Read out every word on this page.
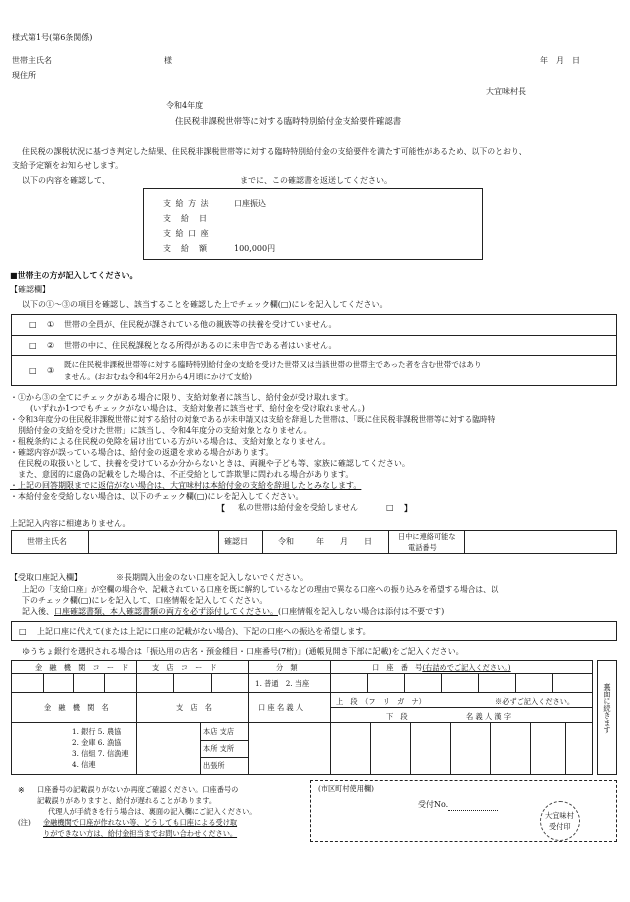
様式第1号(第6条関係)
世帯主氏名	様	年　月　日
現住所
大宜味村長
令和4年度
住民税非課税世帯等に対する臨時特別給付金支給要件確認書
住民税の課税状況に基づき判定した結果、住民税非課税世帯等に対する臨時特別給付金の支給要件を満たす可能性があるため、以下のとおり、
支給予定額をお知らせします。
以下の内容を確認して、	までに、この確認書を返送してください。
支 給 方 法	口座振込
支　給　日
支 給 口 座
支　給　額	100,000円
■世帯主の方が記入してください。
【確認欄】
以下の①～③の項目を確認し、該当することを確認した上でチェック欄(□)にレを記入してください。
□ ① 世帯の全員が、住民税が課されている他の親族等の扶養を受けていません。
□ ② 世帯の中に、住民税課税となる所得があるのに未申告である者はいません。
□ ③
既に住民税非課税世帯等に対する臨時特別給付金の支給を受けた世帯又は当該世帯の世帯主であった者を含む世帯ではあり
ません。(おおむね令和4年2月から4月頃にかけて支給)
・①から③の全てにチェックがある場合に限り、支給対象者に該当し、給付金が受け取れます。
(いずれか1つでもチェックがない場合は、支給対象者に該当せず、給付金を受け取れません。)
・令和3年度分の住民税非課税世帯に対する給付の対象であるが未申請又は支給を辞退した世帯は、「既に住民税非課税世帯等に対する臨時特
別給付金の支給を受けた世帯」に該当し、令和4年度分の支給対象となりません。
・租税条約による住民税の免除を届け出ている方がいる場合は、支給対象となりません。
・確認内容が誤っている場合は、給付金の返還を求める場合があります。
住民税の取扱いとして、扶養を受けているか分からないときは、両親や子ども等、家族に確認してください。
また、意図的に虚偽の記載をした場合は、不正受給として詐欺罪に問われる場合があります。
・上記の回答期限までに返信がない場合は、大宜味村は本給付金の支給を辞退したとみなします。
・本給付金を受給しない場合は、以下のチェック欄(□)にレを記入してください。
【 私の世帯は給付金を受給しません	□ 】
上記記入内容に相違ありません。
世帯主氏名	確認日	令和	年　　月　　日
日中に連絡可能な
電話番号
【受取口座記入欄】	※長期間入出金のない口座を記入しないでください。
上記の「支給口座」が空欄の場合や、記載されている口座を既に解約しているなどの理由で異なる口座への振り込みを希望する場合は、以
下のチェック欄(□)にレを記入して、口座情報を記入してください。
記入後、口座確認書類、本人確認書類の両方を必ず添付してください。(口座情報を記入しない場合は添付は不要です)
□ 上記口座に代えて(または上記に口座の記載がない場合)、下記の口座への振込を希望します。
ゆうちょ銀行を選択される場合は「振込用の店名・預金種目・口座番号(7桁)」(通帳見開き下部に記載)をご記入ください。
金　融　機　関　コ　ー　ド	支　店　コ　ー　ド	分　類	口　座　番　号(右詰めでご記入ください。)
1. 普通　2. 当座
金　融　機　関　名	支　店　名	口 座 名 義 人
上　段　（フ　リ　ガ　ナ）	※必ずご記入ください。
下　段	名 義 人 漢 字
1. 銀行 5. 農協
2. 金庫 6. 漁協
3. 信組 7. 信漁連
4. 信連
本店 支店
本所 支所
出張所
裏面に続きます
※ 口座番号の記載誤りがないか再度ご確認ください。口座番号の
記載誤りがありますと、給付が遅れることがあります。
代理人が手続きを行う場合は、裏面の記入欄にご記入ください。
(注) 金融機関で口座が作れない等、どうしても口座による受け取
りができない方は、給付金担当までお問い合わせください。
(市区町村使用欄)
受付No.
大宜味村
受付印
